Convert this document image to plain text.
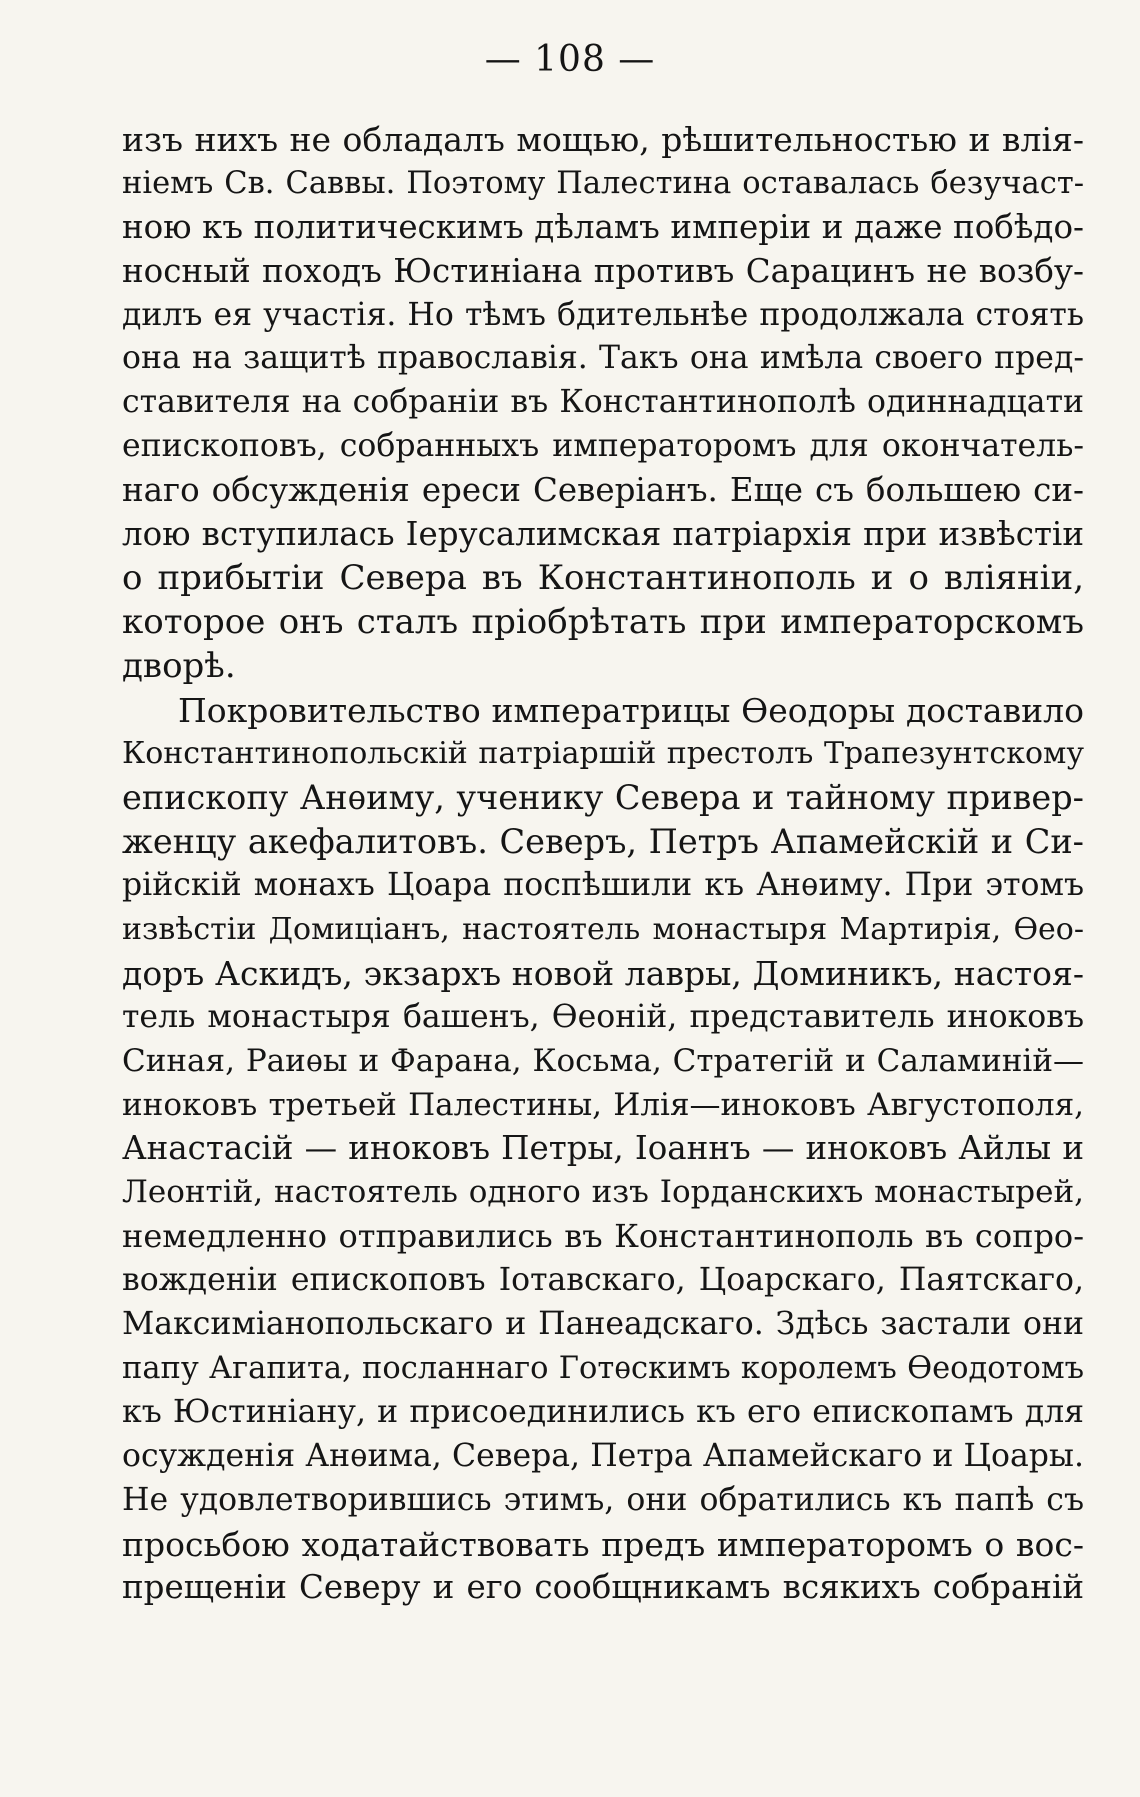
— 108 —
изъ нихъ не обладалъ мощью, рѣшительностью и влія-
ніемъ Св. Саввы. Поэтому Палестина оставалась безучаст-
ною къ политическимъ дѣламъ имперіи и даже побѣдо-
носный походъ Юстиніана противъ Сарацинъ не возбу-
дилъ ея участія. Но тѣмъ бдительнѣе продолжала стоять
она на защитѣ православія. Такъ она имѣла своего пред-
ставителя на собраніи въ Константинополѣ одиннадцати
епископовъ, собранныхъ императоромъ для окончатель-
наго обсужденія ереси Северіанъ. Еще съ большею си-
лою вступилась Іерусалимская патріархія при извѣстіи
о прибытіи Севера въ Константинополь и о вліяніи,
которое онъ сталъ пріобрѣтать при императорскомъ
дворѣ.
Покровительство императрицы Ѳеодоры доставило
Константинопольскій патріаршій престолъ Трапезунтскому
епископу Анѳиму, ученику Севера и тайному привер-
женцу акефалитовъ. Северъ, Петръ Апамейскій и Си-
рійскій монахъ Цоара поспѣшили къ Анѳиму. При этомъ
извѣстіи Домиціанъ, настоятель монастыря Мартирія, Ѳео-
доръ Аскидъ, экзархъ новой лавры, Доминикъ, настоя-
тель монастыря башенъ, Ѳеоній, представитель иноковъ
Синая, Раиѳы и Фарана, Косьма, Стратегій и Саламиній—
иноковъ третьей Палестины, Илія—иноковъ Августополя,
Анастасій — иноковъ Петры, Іоаннъ — иноковъ Айлы и
Леонтій, настоятель одного изъ Іорданскихъ монастырей,
немедленно отправились въ Константинополь въ сопро-
вожденіи епископовъ Іотавскаго, Цоарскаго, Паятскаго,
Максиміанопольскаго и Панеадскаго. Здѣсь застали они
папу Агапита, посланнаго Готѳскимъ королемъ Ѳеодотомъ
къ Юстиніану, и присоединились къ его епископамъ для
осужденія Анѳима, Севера, Петра Апамейскаго и Цоары.
Не удовлетворившись этимъ, они обратились къ папѣ съ
просьбою ходатайствовать предъ императоромъ о вос-
прещеніи Северу и его сообщникамъ всякихъ собраній
